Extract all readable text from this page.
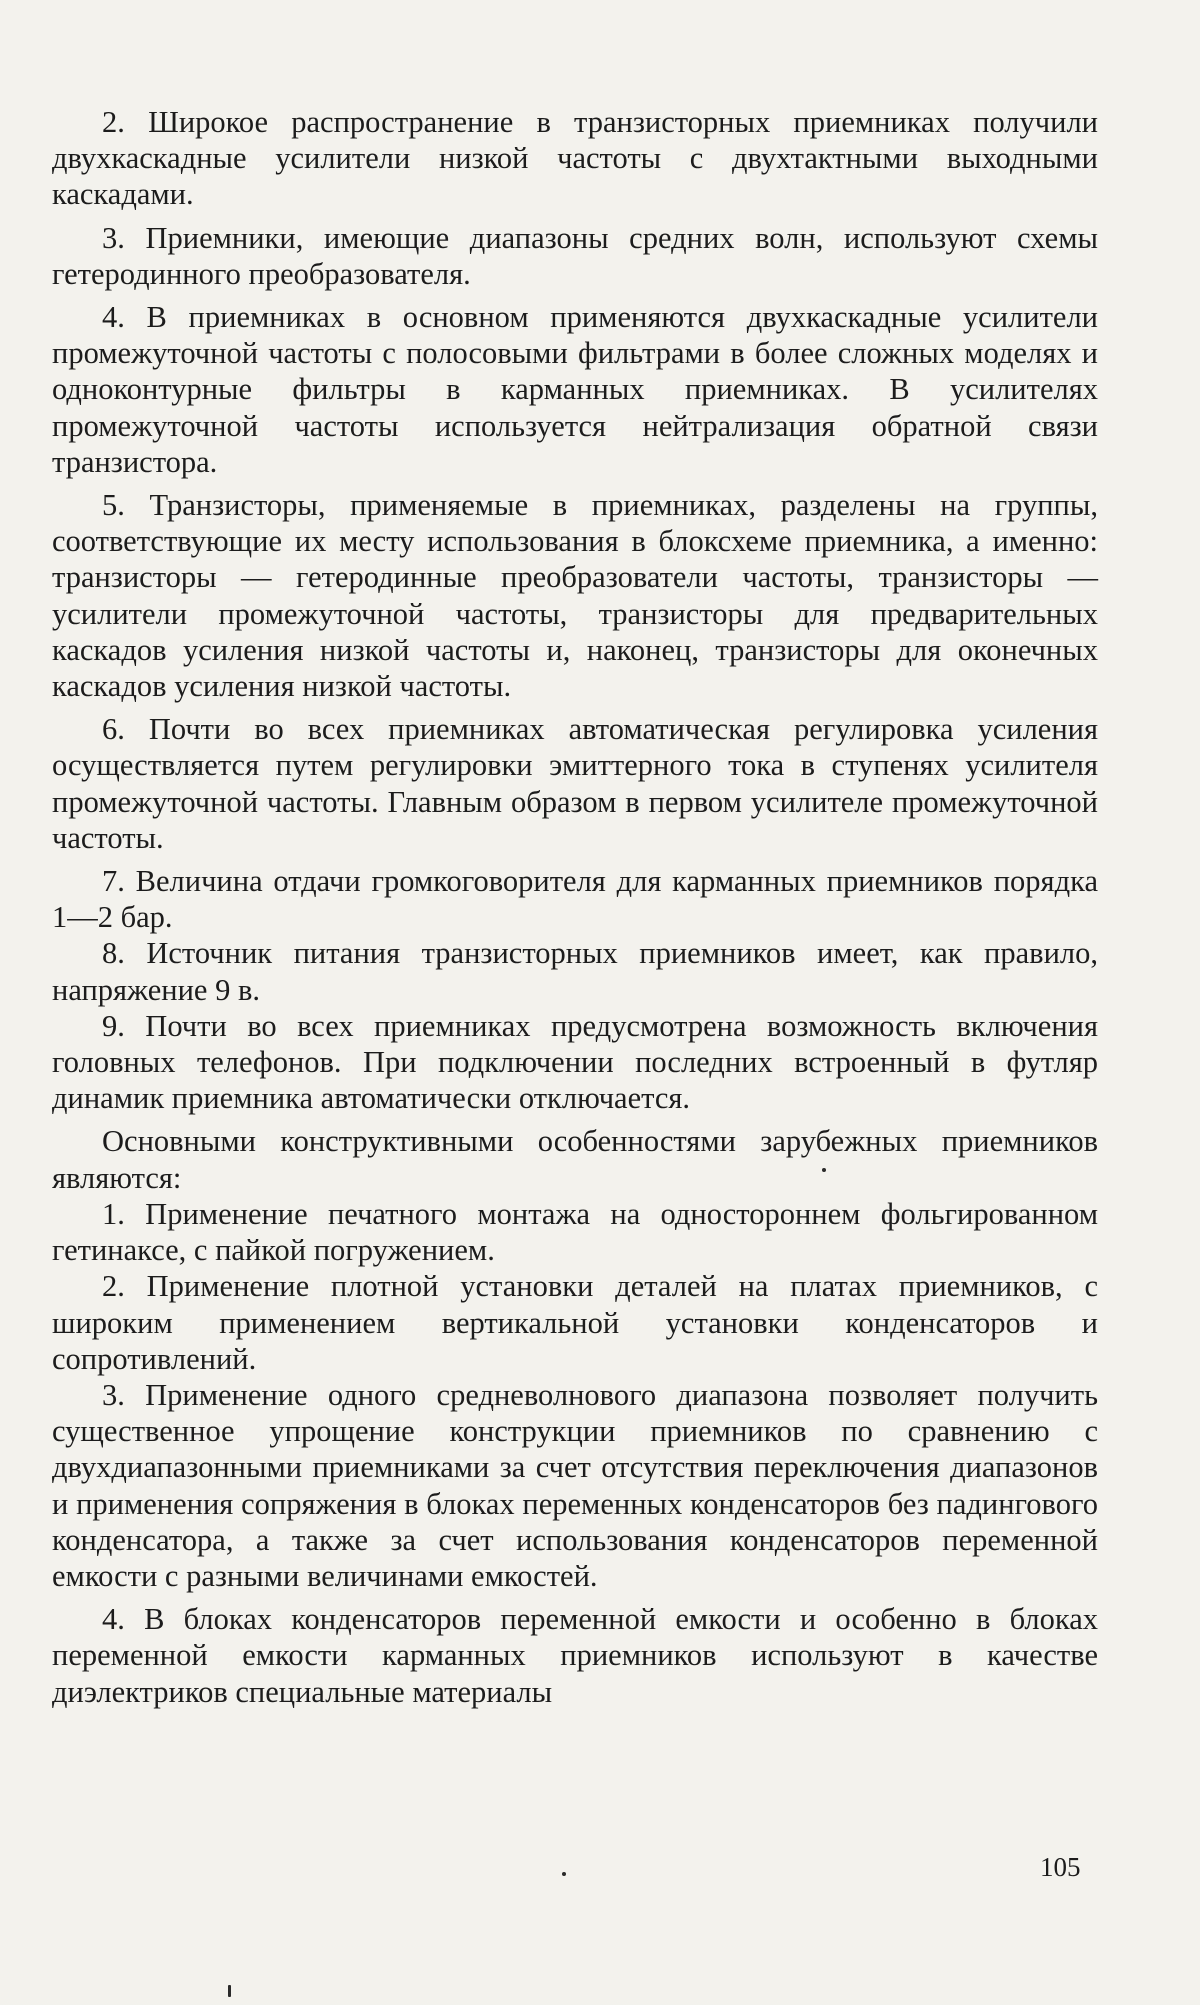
2. Широкое распространение в транзисторных приемниках получили двухкаскадные усилители низкой частоты с двухтактными выходными каскадами.

3. Приемники, имеющие диапазоны средних волн, используют схемы гетеродинного преобразователя.

4. В приемниках в основном применяются двухкаскадные усилители промежуточной частоты с полосовыми фильтрами в более сложных моделях и одноконтурные фильтры в карманных приемниках. В усилителях промежуточной частоты используется нейтрализация обратной связи транзистора.

5. Транзисторы, применяемые в приемниках, разделены на группы, соответствующие их месту использования в блоксхеме приемника, а именно: транзисторы — гетеродинные преобразователи частоты, транзисторы — усилители промежуточной частоты, транзисторы для предварительных каскадов усиления низкой частоты и, наконец, транзисторы для оконечных каскадов усиления низкой частоты.

6. Почти во всех приемниках автоматическая регулировка усиления осуществляется путем регулировки эмиттерного тока в ступенях усилителя промежуточной частоты. Главным образом в первом усилителе промежуточной частоты.

7. Величина отдачи громкоговорителя для карманных приемников порядка 1—2 бар.

8. Источник питания транзисторных приемников имеет, как правило, напряжение 9 в.

9. Почти во всех приемниках предусмотрена возможность включения головных телефонов. При подключении последних встроенный в футляр динамик приемника автоматически отключается.

Основными конструктивными особенностями зарубежных приемников являются:

1. Применение печатного монтажа на одностороннем фольгированном гетинаксе, с пайкой погружением.

2. Применение плотной установки деталей на платах приемников, с широким применением вертикальной установки конденсаторов и сопротивлений.

3. Применение одного средневолнового диапазона позволяет получить существенное упрощение конструкции приемников по сравнению с двухдиапазонными приемниками за счет отсутствия переключения диапазонов и применения сопряжения в блоках переменных конденсаторов без падингового конденсатора, а также за счет использования конденсаторов переменной емкости с разными величинами емкостей.

4. В блоках конденсаторов переменной емкости и особенно в блоках переменной емкости карманных приемников используют в качестве диэлектриков специальные материалы

105
